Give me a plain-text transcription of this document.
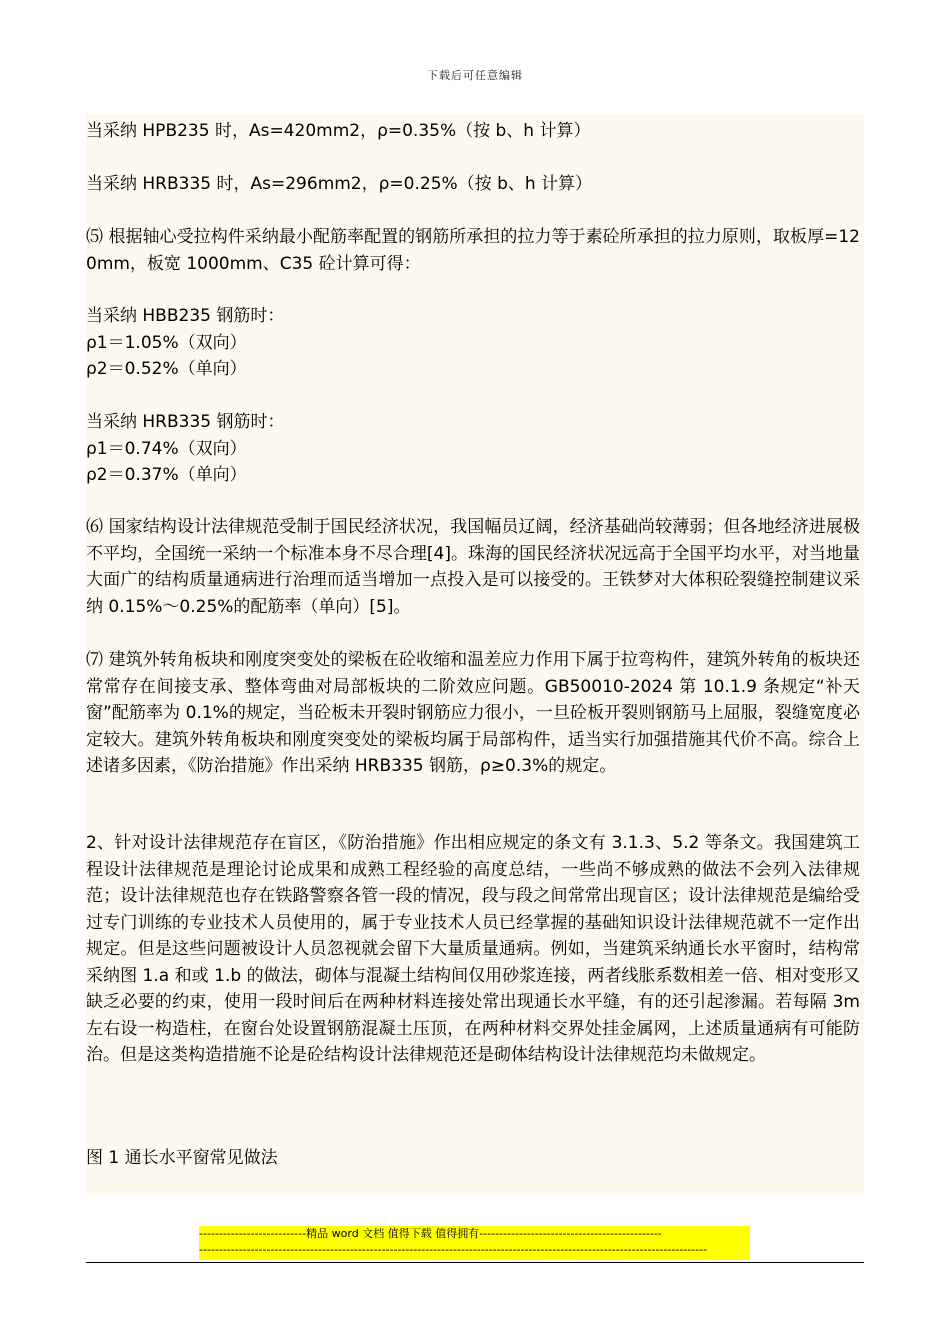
下载后可任意编辑

当采纳 HPB235 时，As=420mm2，ρ=0.35%（按 b、h 计算）

当采纳 HRB335 时，As=296mm2，ρ=0.25%（按 b、h 计算）

⑸ 根据轴心受拉构件采纳最小配筋率配置的钢筋所承担的拉力等于素砼所承担的拉力原则，取板厚=120mm，板宽 1000mm、C35 砼计算可得：

当采纳 HBB235 钢筋时：
ρ1＝1.05%（双向）
ρ2＝0.52%（单向）

当采纳 HRB335 钢筋时：
ρ1＝0.74%（双向）
ρ2＝0.37%（单向）

⑹ 国家结构设计法律规范受制于国民经济状况，我国幅员辽阔，经济基础尚较薄弱；但各地经济进展极不平均，全国统一采纳一个标准本身不尽合理[4]。珠海的国民经济状况远高于全国平均水平，对当地量大面广的结构质量通病进行治理而适当增加一点投入是可以接受的。王铁梦对大体积砼裂缝控制建议采纳 0.15%～0.25%的配筋率（单向）[5]。

⑺ 建筑外转角板块和刚度突变处的梁板在砼收缩和温差应力作用下属于拉弯构件，建筑外转角的板块还常常存在间接支承、整体弯曲对局部板块的二阶效应问题。GB50010-2024 第 10.1.9 条规定“补天窗”配筋率为 0.1%的规定，当砼板未开裂时钢筋应力很小，一旦砼板开裂则钢筋马上屈服，裂缝宽度必定较大。建筑外转角板块和刚度突变处的梁板均属于局部构件，适当实行加强措施其代价不高。综合上述诸多因素，《防治措施》作出采纳 HRB335 钢筋，ρ≥0.3%的规定。

2、针对设计法律规范存在盲区，《防治措施》作出相应规定的条文有 3.1.3、5.2 等条文。我国建筑工程设计法律规范是理论讨论成果和成熟工程经验的高度总结，一些尚不够成熟的做法不会列入法律规范；设计法律规范也存在铁路警察各管一段的情况，段与段之间常常出现盲区；设计法律规范是编给受过专门训练的专业技术人员使用的，属于专业技术人员已经掌握的基础知识设计法律规范就不一定作出规定。但是这些问题被设计人员忽视就会留下大量质量通病。例如，当建筑采纳通长水平窗时，结构常采纳图 1.a 和或 1.b 的做法，砌体与混凝土结构间仅用砂浆连接，两者线胀系数相差一倍、相对变形又缺乏必要的约束，使用一段时间后在两种材料连接处常出现通长水平缝，有的还引起渗漏。若每隔 3m 左右设一构造柱，在窗台处设置钢筋混凝土压顶，在两种材料交界处挂金属网，上述质量通病有可能防治。但是这类构造措施不论是砼结构设计法律规范还是砌体结构设计法律规范均未做规定。

图 1 通长水平窗常见做法

---------------------------精品 word 文档 值得下载 值得拥有----------------------------------------------
--------------------------------------------------------------------------------------------------------------------------------
